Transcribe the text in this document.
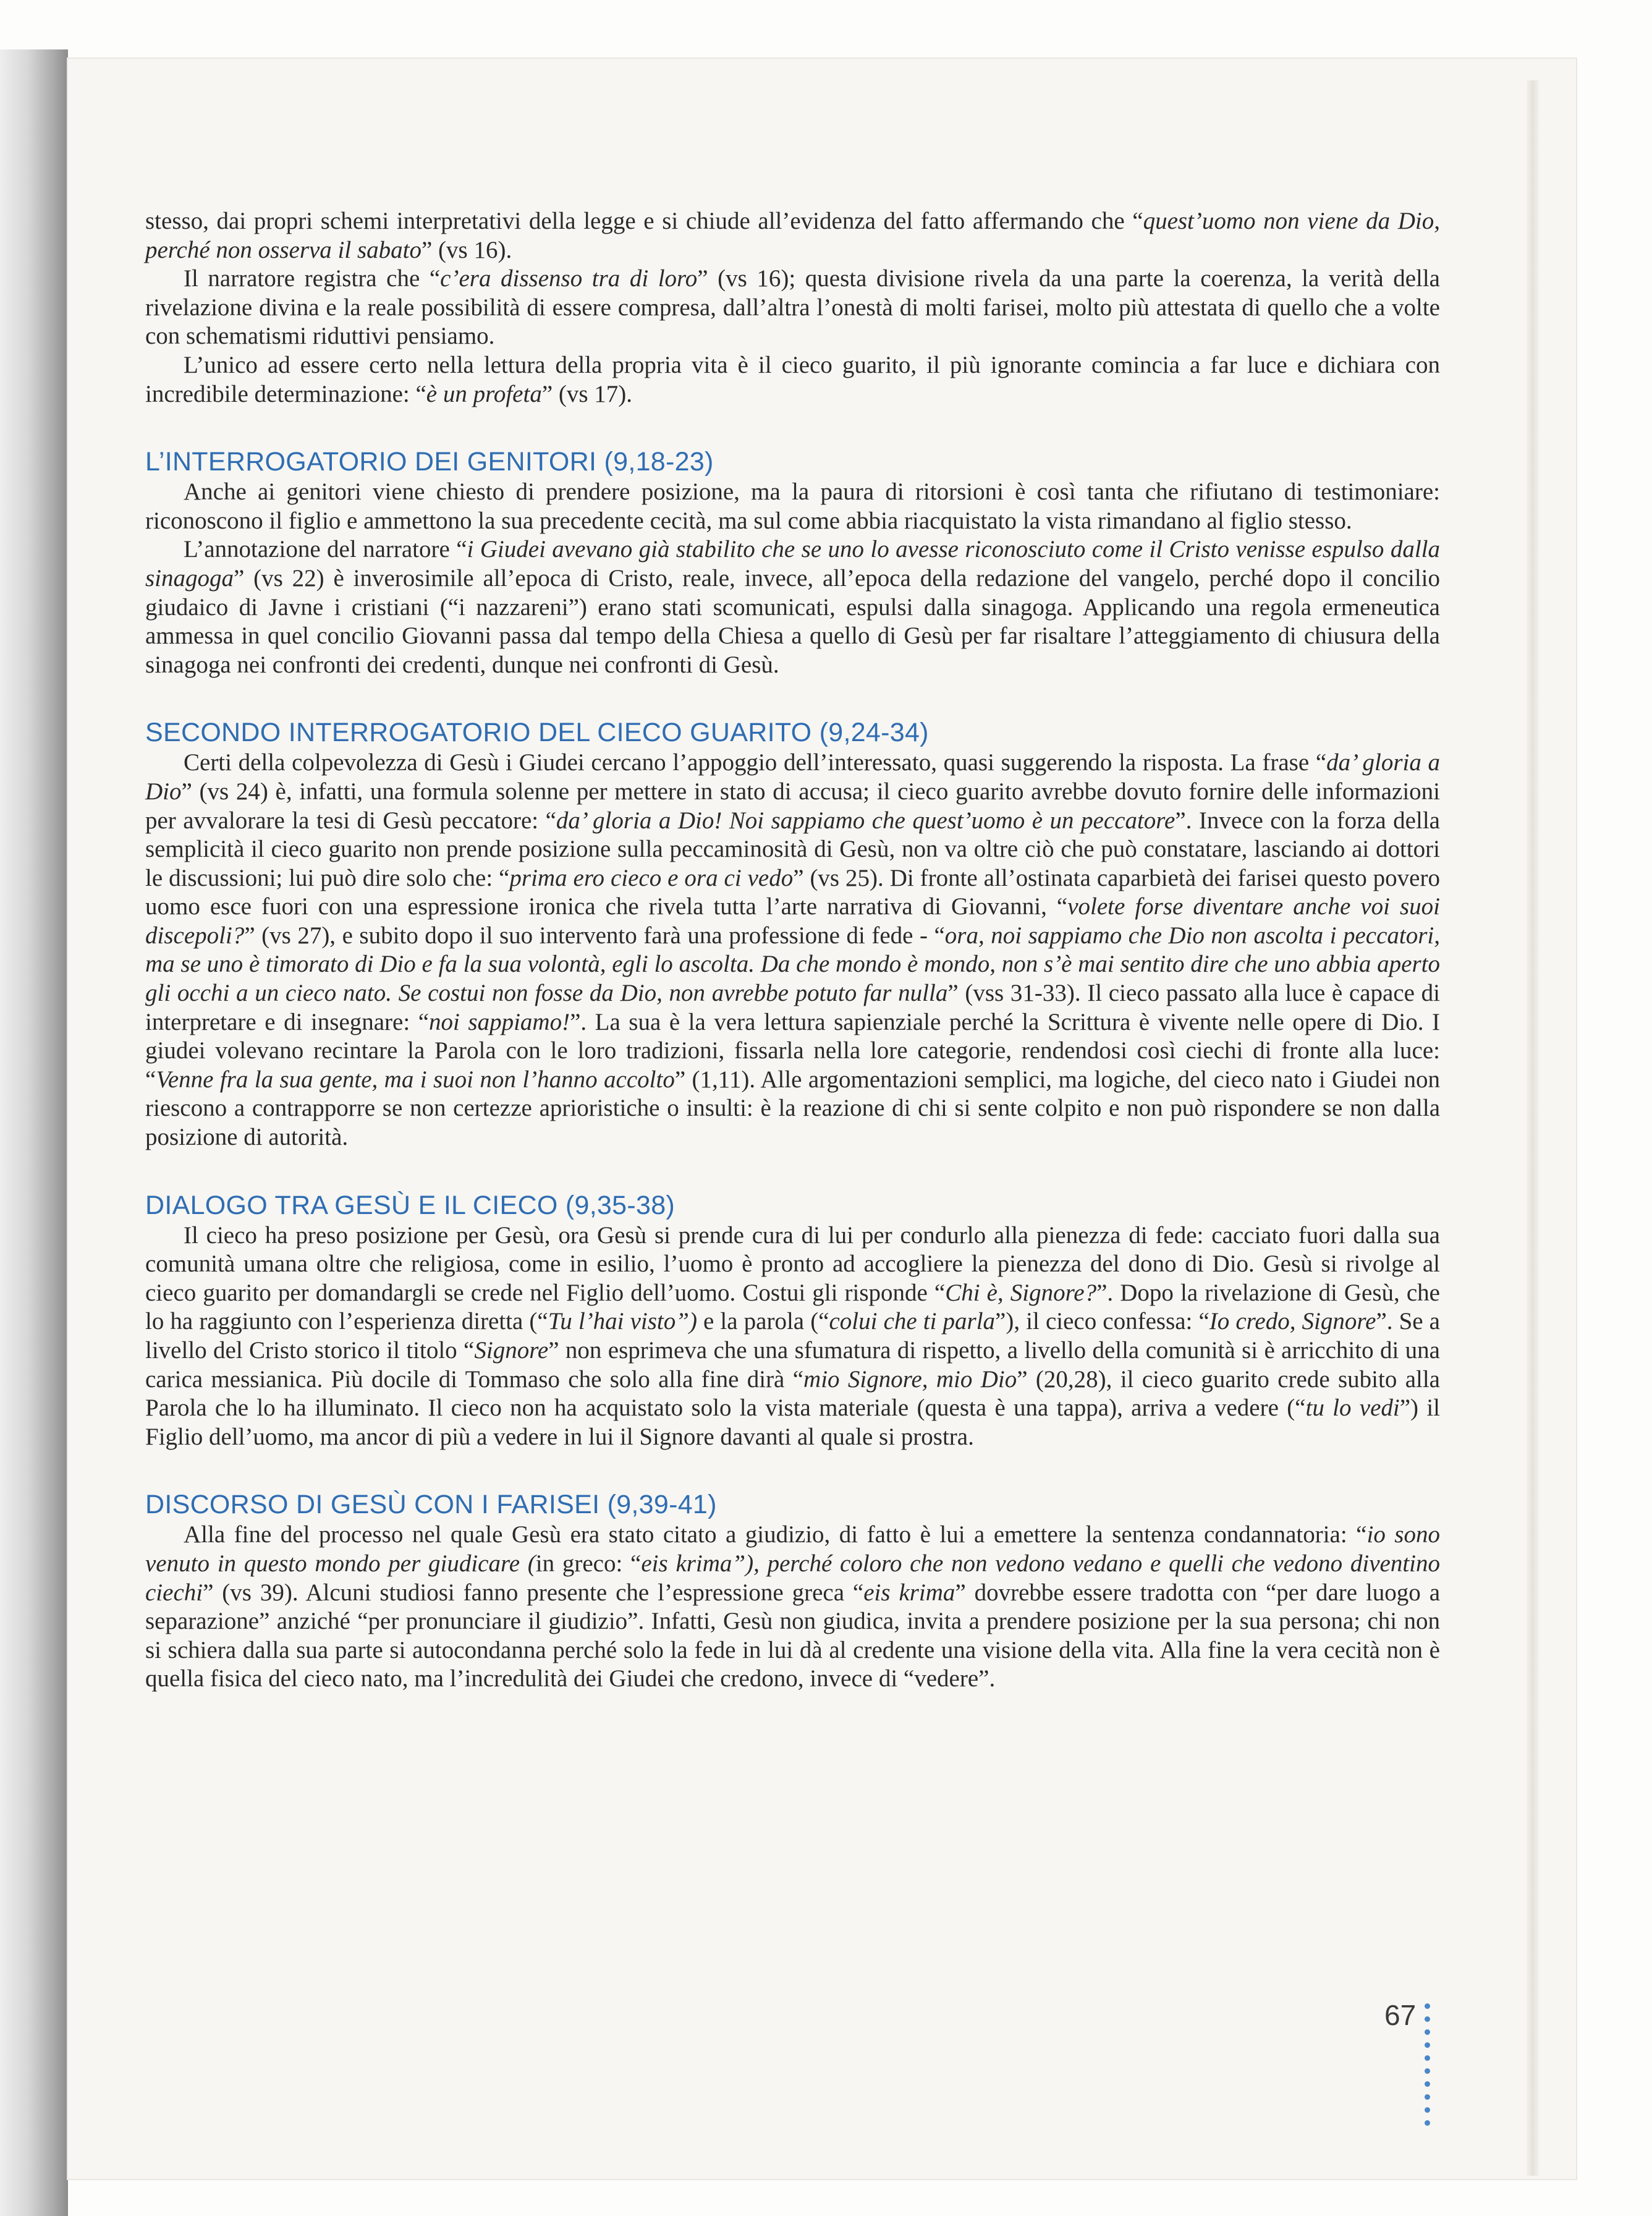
stesso, dai propri schemi interpretativi della legge e si chiude all’evidenza del fatto affermando che “quest’uomo non viene da Dio, perché non osserva il sabato” (vs 16).

Il narratore registra che “c’era dissenso tra di loro” (vs 16); questa divisione rivela da una parte la coerenza, la verità della rivelazione divina e la reale possibilità di essere compresa, dall’altra l’onestà di molti farisei, molto più attestata di quello che a volte con schematismi riduttivi pensiamo.

L’unico ad essere certo nella lettura della propria vita è il cieco guarito, il più ignorante comincia a far luce e dichiara con incredibile determinazione: “è un profeta” (vs 17).

L’INTERROGATORIO DEI GENITORI (9,18-23)

Anche ai genitori viene chiesto di prendere posizione, ma la paura di ritorsioni è così tanta che rifiutano di testimoniare: riconoscono il figlio e ammettono la sua precedente cecità, ma sul come abbia riacquistato la vista rimandano al figlio stesso.

L’annotazione del narratore “i Giudei avevano già stabilito che se uno lo avesse riconosciuto come il Cristo venisse espulso dalla sinagoga” (vs 22) è inverosimile all’epoca di Cristo, reale, invece, all’epoca della redazione del vangelo, perché dopo il concilio giudaico di Javne i cristiani (“i nazzareni”) erano stati scomunicati, espulsi dalla sinagoga. Applicando una regola ermeneutica ammessa in quel concilio Giovanni passa dal tempo della Chiesa a quello di Gesù per far risaltare l’atteggiamento di chiusura della sinagoga nei confronti dei credenti, dunque nei confronti di Gesù.

SECONDO INTERROGATORIO DEL CIECO GUARITO (9,24-34)

Certi della colpevolezza di Gesù i Giudei cercano l’appoggio dell’interessato, quasi suggerendo la risposta. La frase “da’ gloria a Dio” (vs 24) è, infatti, una formula solenne per mettere in stato di accusa; il cieco guarito avrebbe dovuto fornire delle informazioni per avvalorare la tesi di Gesù peccatore: “da’ gloria a Dio! Noi sappiamo che quest’uomo è un peccatore”. Invece con la forza della semplicità il cieco guarito non prende posizione sulla peccaminosità di Gesù, non va oltre ciò che può constatare, lasciando ai dottori le discussioni; lui può dire solo che: “prima ero cieco e ora ci vedo” (vs 25). Di fronte all’ostinata caparbietà dei farisei questo povero uomo esce fuori con una espressione ironica che rivela tutta l’arte narrativa di Giovanni, “volete forse diventare anche voi suoi discepoli?” (vs 27), e subito dopo il suo intervento farà una professione di fede - “ora, noi sappiamo che Dio non ascolta i peccatori, ma se uno è timorato di Dio e fa la sua volontà, egli lo ascolta. Da che mondo è mondo, non s’è mai sentito dire che uno abbia aperto gli occhi a un cieco nato. Se costui non fosse da Dio, non avrebbe potuto far nulla” (vss 31-33). Il cieco passato alla luce è capace di interpretare e di insegnare: “noi sappiamo!”. La sua è la vera lettura sapienziale perché la Scrittura è vivente nelle opere di Dio. I giudei volevano recintare la Parola con le loro tradizioni, fissarla nella lore categorie, rendendosi così ciechi di fronte alla luce: “Venne fra la sua gente, ma i suoi non l’hanno accolto” (1,11). Alle argomentazioni semplici, ma logiche, del cieco nato i Giudei non riescono a contrapporre se non certezze aprioristiche o insulti: è la reazione di chi si sente colpito e non può rispondere se non dalla posizione di autorità.

DIALOGO TRA GESÙ E IL CIECO (9,35-38)

Il cieco ha preso posizione per Gesù, ora Gesù si prende cura di lui per condurlo alla pienezza di fede: cacciato fuori dalla sua comunità umana oltre che religiosa, come in esilio, l’uomo è pronto ad accogliere la pienezza del dono di Dio. Gesù si rivolge al cieco guarito per domandargli se crede nel Figlio dell’uomo. Costui gli risponde “Chi è, Signore?”. Dopo la rivelazione di Gesù, che lo ha raggiunto con l’esperienza diretta (“Tu l’hai visto”) e la parola (“colui che ti parla”), il cieco confessa: “Io credo, Signore”. Se a livello del Cristo storico il titolo “Signore” non esprimeva che una sfumatura di rispetto, a livello della comunità si è arricchito di una carica messianica. Più docile di Tommaso che solo alla fine dirà “mio Signore, mio Dio” (20,28), il cieco guarito crede subito alla Parola che lo ha illuminato. Il cieco non ha acquistato solo la vista materiale (questa è una tappa), arriva a vedere (“tu lo vedi”) il Figlio dell’uomo, ma ancor di più a vedere in lui il Signore davanti al quale si prostra.

DISCORSO DI GESÙ CON I FARISEI (9,39-41)

Alla fine del processo nel quale Gesù era stato citato a giudizio, di fatto è lui a emettere la sentenza condannatoria: “io sono venuto in questo mondo per giudicare (in greco: “eis krima”), perché coloro che non vedono vedano e quelli che vedono diventino ciechi” (vs 39). Alcuni studiosi fanno presente che l’espressione greca “eis krima” dovrebbe essere tradotta con “per dare luogo a separazione” anziché “per pronunciare il giudizio”. Infatti, Gesù non giudica, invita a prendere posizione per la sua persona; chi non si schiera dalla sua parte si autocondanna perché solo la fede in lui dà al credente una visione della vita. Alla fine la vera cecità non è quella fisica del cieco nato, ma l’incredulità dei Giudei che credono, invece di “vedere”.

67
